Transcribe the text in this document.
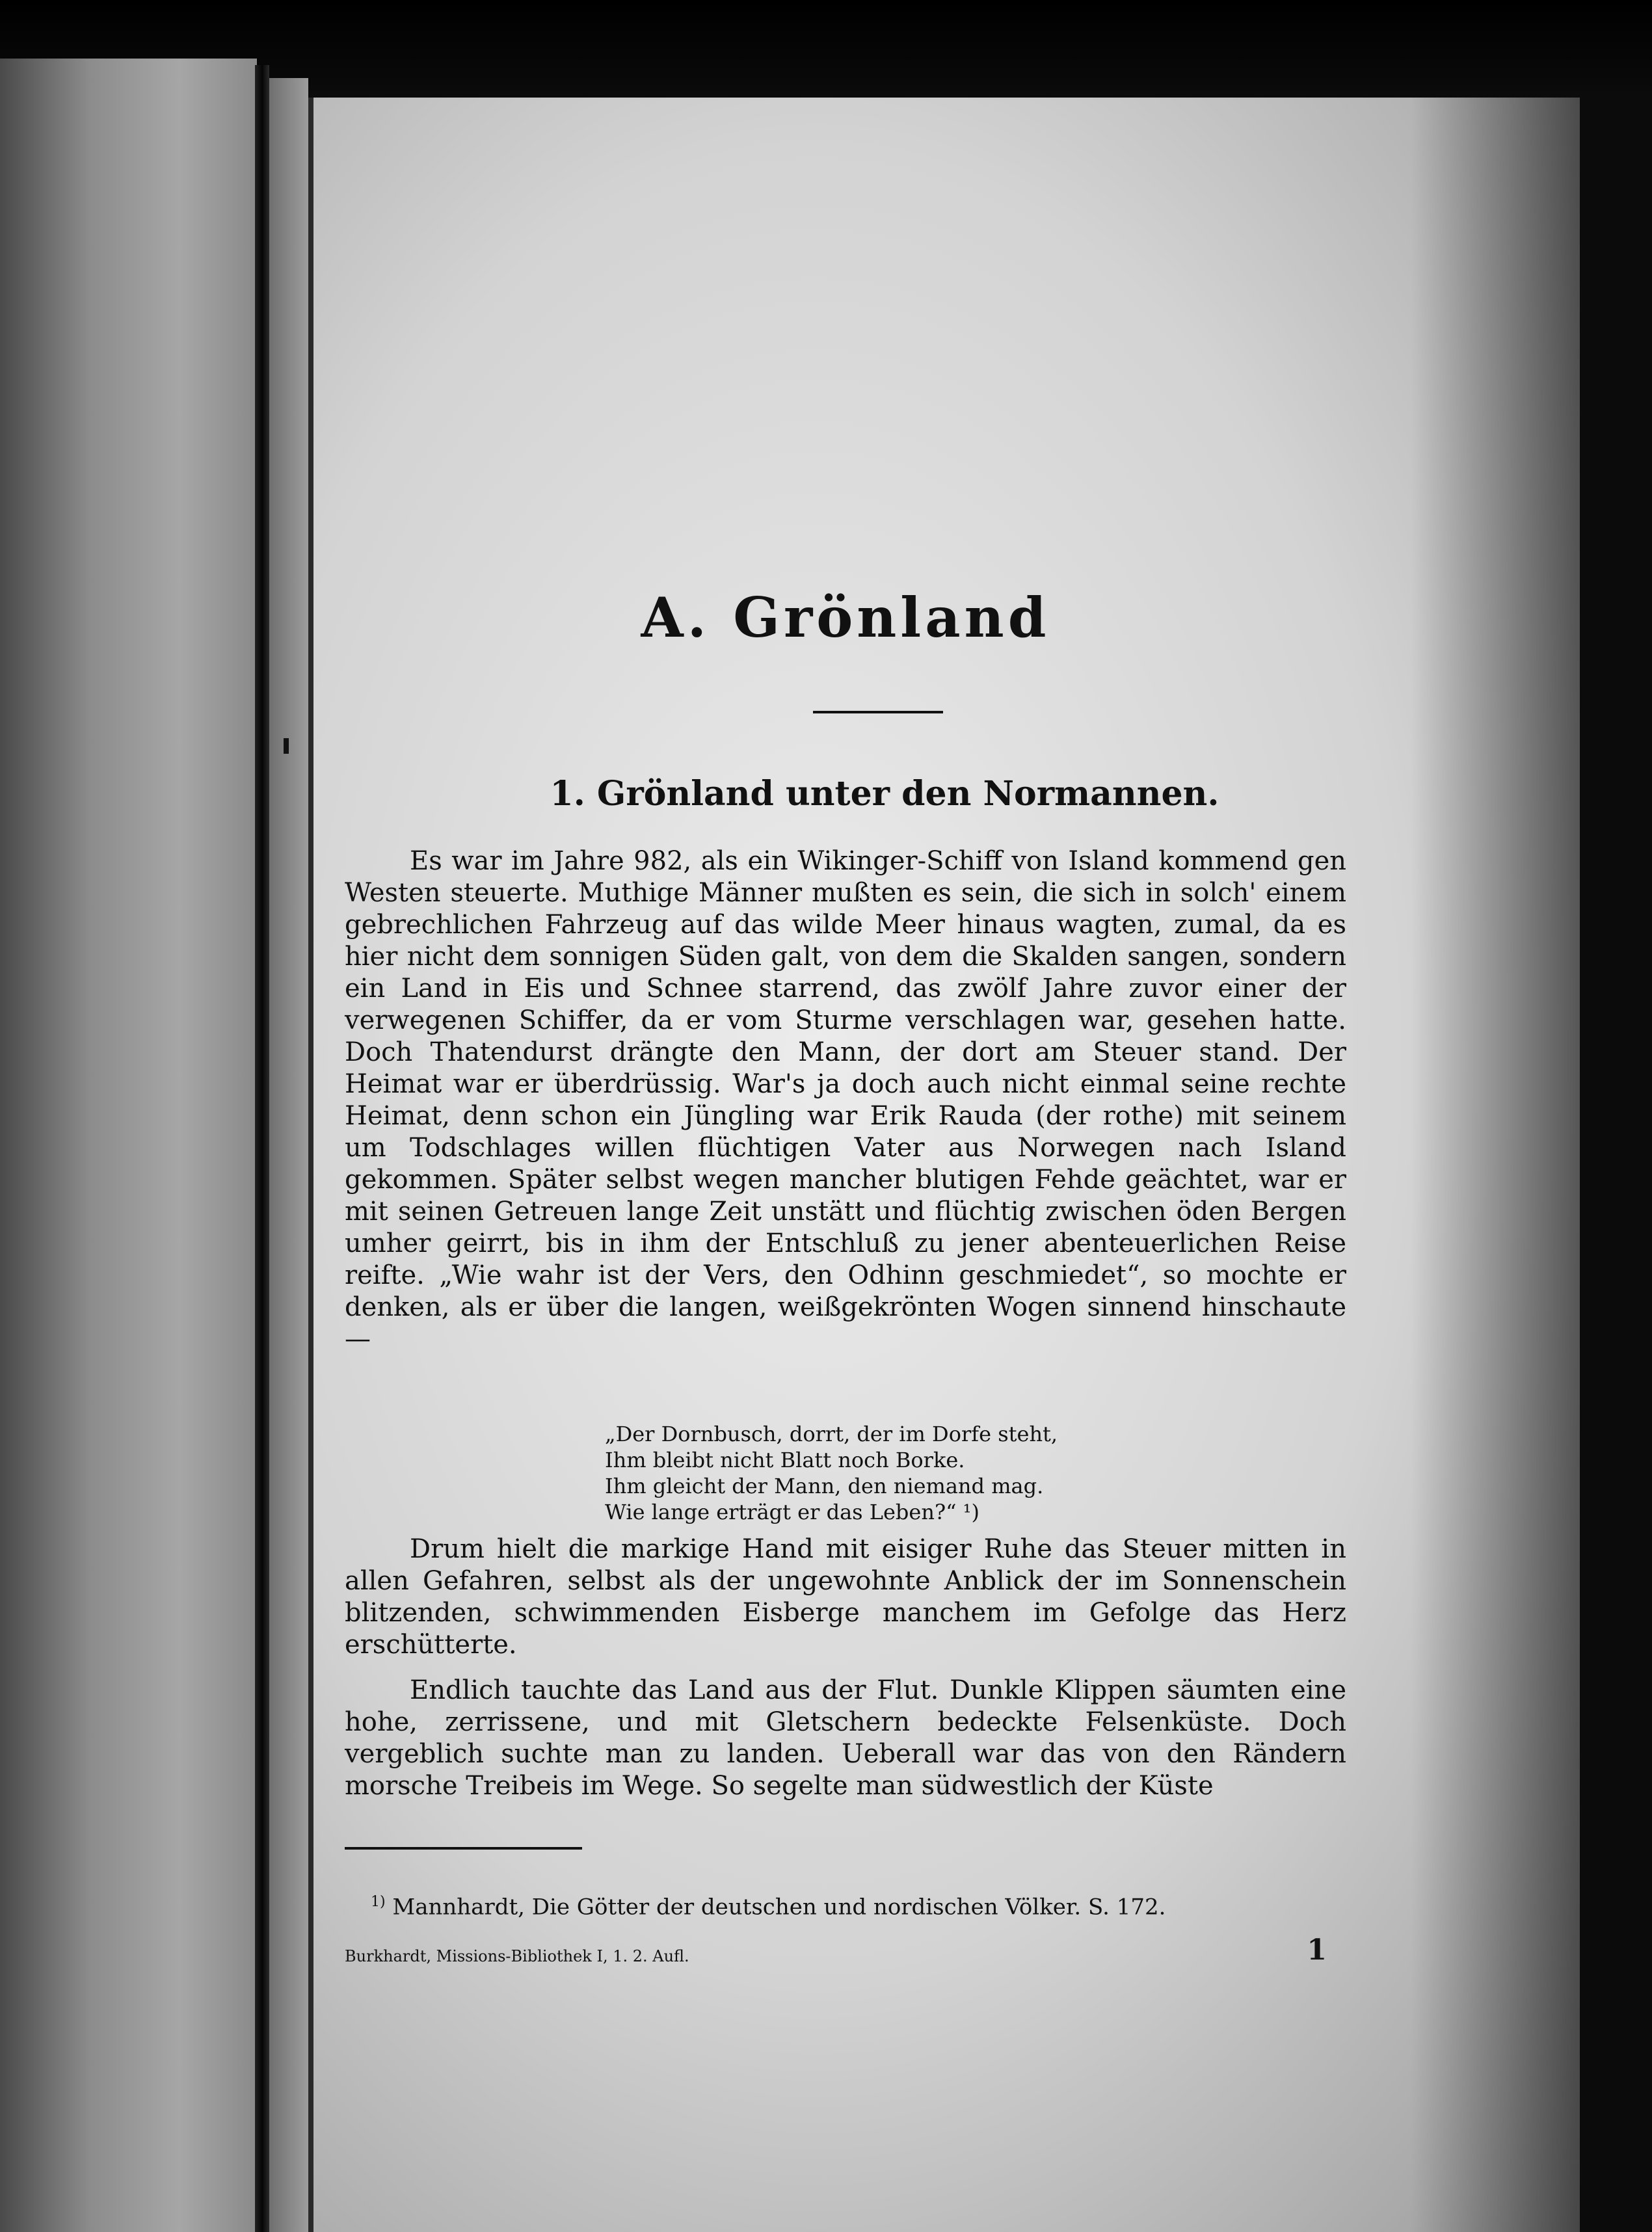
A. Grönland
1. Grönland unter den Normannen.

Es war im Jahre 982, als ein Wikinger-Schiff von Island kommend gen Westen steuerte. Muthige Männer mußten es sein, die sich in solch' einem gebrechlichen Fahrzeug auf das wilde Meer hinaus wagten, zumal, da es hier nicht dem sonnigen Süden galt, von dem die Skalden sangen, sondern ein Land in Eis und Schnee starrend, das zwölf Jahre zuvor einer der verwegenen Schiffer, da er vom Sturme verschlagen war, gesehen hatte. Doch Thatendurst drängte den Mann, der dort am Steuer stand. Der Heimat war er überdrüssig. War's ja doch auch nicht einmal seine rechte Heimat, denn schon ein Jüngling war Erik Rauda (der rothe) mit seinem um Todschlages willen flüchtigen Vater aus Norwegen nach Island gekommen. Später selbst wegen mancher blutigen Fehde geächtet, war er mit seinen Getreuen lange Zeit unstätt und flüchtig zwischen öden Bergen umher geirrt, bis in ihm der Entschluß zu jener abenteuerlichen Reise reifte. „Wie wahr ist der Vers, den Odhinn geschmiedet“, so mochte er denken, als er über die langen, weißgekrönten Wogen sinnend hinschaute —

„Der Dornbusch, dorrt, der im Dorfe steht,
Ihm bleibt nicht Blatt noch Borke.
Ihm gleicht der Mann, den niemand mag.
Wie lange erträgt er das Leben?“ ¹)

Drum hielt die markige Hand mit eisiger Ruhe das Steuer mitten in allen Gefahren, selbst als der ungewohnte Anblick der im Sonnenschein blitzenden, schwimmenden Eisberge manchem im Gefolge das Herz erschütterte.

Endlich tauchte das Land aus der Flut. Dunkle Klippen säumten eine hohe, zerrissene, und mit Gletschern bedeckte Felsenküste. Doch vergeblich suchte man zu landen. Ueberall war das von den Rändern morsche Treibeis im Wege. So segelte man südwestlich der Küste

$^{1)}$ Mannhardt, Die Götter der deutschen und nordischen Völker. S. 172.
Burkhardt, Missions-Bibliothek I, 1. 2. Aufl.	1
